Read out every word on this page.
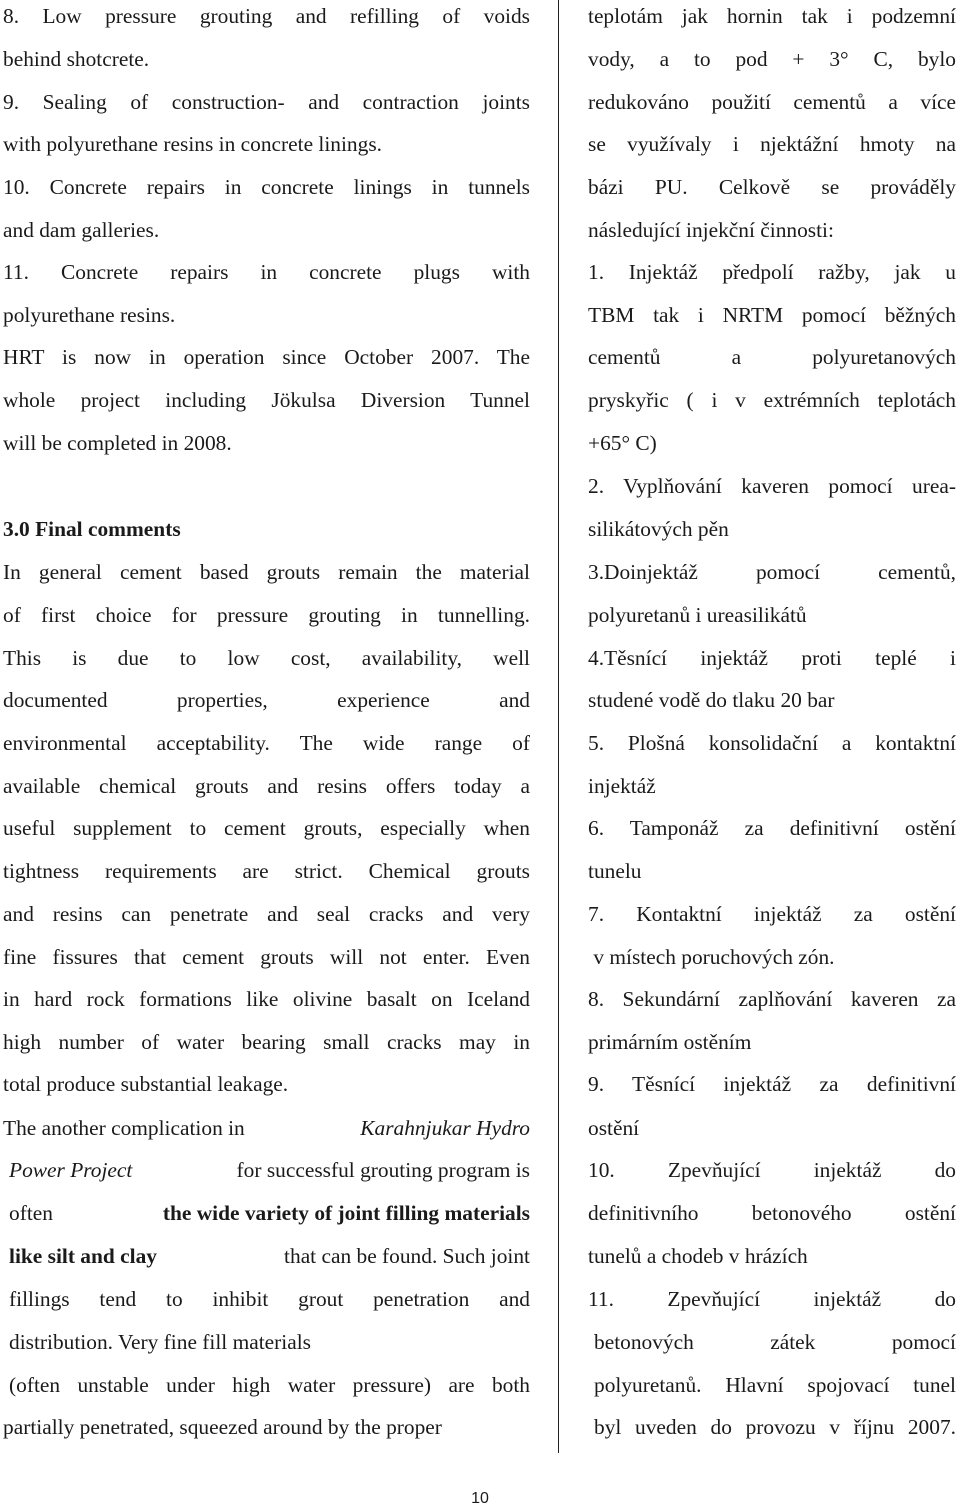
8. Low pressure grouting and refilling of voids
behind shotcrete.
9. Sealing of construction- and contraction joints
with polyurethane resins in concrete linings.
10. Concrete repairs in concrete linings in tunnels
and dam galleries.
11. Concrete repairs in concrete plugs with
polyurethane resins.
HRT is now in operation since October 2007. The
whole project including Jökulsa Diversion Tunnel
will be completed in 2008.
3.0 Final comments
In general cement based grouts remain the material
of first choice for pressure grouting in tunnelling.
This is due to low cost, availability, well
documented properties, experience and
environmental acceptability. The wide range of
available chemical grouts and resins offers today a
useful supplement to cement grouts, especially when
tightness requirements are strict. Chemical grouts
and resins can penetrate and seal cracks and very
fine fissures that cement grouts will not enter. Even
in hard rock formations like olivine basalt on Iceland
high number of water bearing small cracks may in
total produce substantial leakage.
The another complication in	Karahnjukar Hydro
Power Project	for successful grouting program is
often	the wide variety of joint filling materials
like silt and clay	that can be found. Such joint
fillings tend to inhibit grout penetration and
distribution. Very fine fill materials
(often unstable under high water pressure) are both
partially penetrated, squeezed around by the proper
teplotám jak hornin tak i podzemní
vody, a to pod + 3° C, bylo
redukováno použití cementů a více
se využívaly i njektážní hmoty na
bázi PU. Celkově se prováděly
následující injekční činnosti:
1. Injektáž předpolí ražby, jak u
TBM tak i NRTM pomocí běžných
cementů a polyuretanových
pryskyřic ( i v extrémních teplotách
+65° C)
2. Vyplňování kaveren pomocí urea-
silikátových pěn
3.Doinjektáž pomocí cementů,
polyuretanů i ureasilikátů
4.Těsnící injektáž proti teplé i
studené vodě do tlaku 20 bar
5. Plošná konsolidační a kontaktní
injektáž
6. Tamponáž za definitivní ostění
tunelu
7. Kontaktní injektáž za ostění
v místech poruchových zón.
8. Sekundární zaplňování kaveren za
primárním ostěním
9. Těsnící injektáž za definitivní
ostění
10. Zpevňující injektáž do
definitivního betonového ostění
tunelů a chodeb v hrázích
11. Zpevňující injektáž do
betonových zátek pomocí
polyuretanů. Hlavní spojovací tunel
byl uveden do provozu v říjnu 2007.
10
